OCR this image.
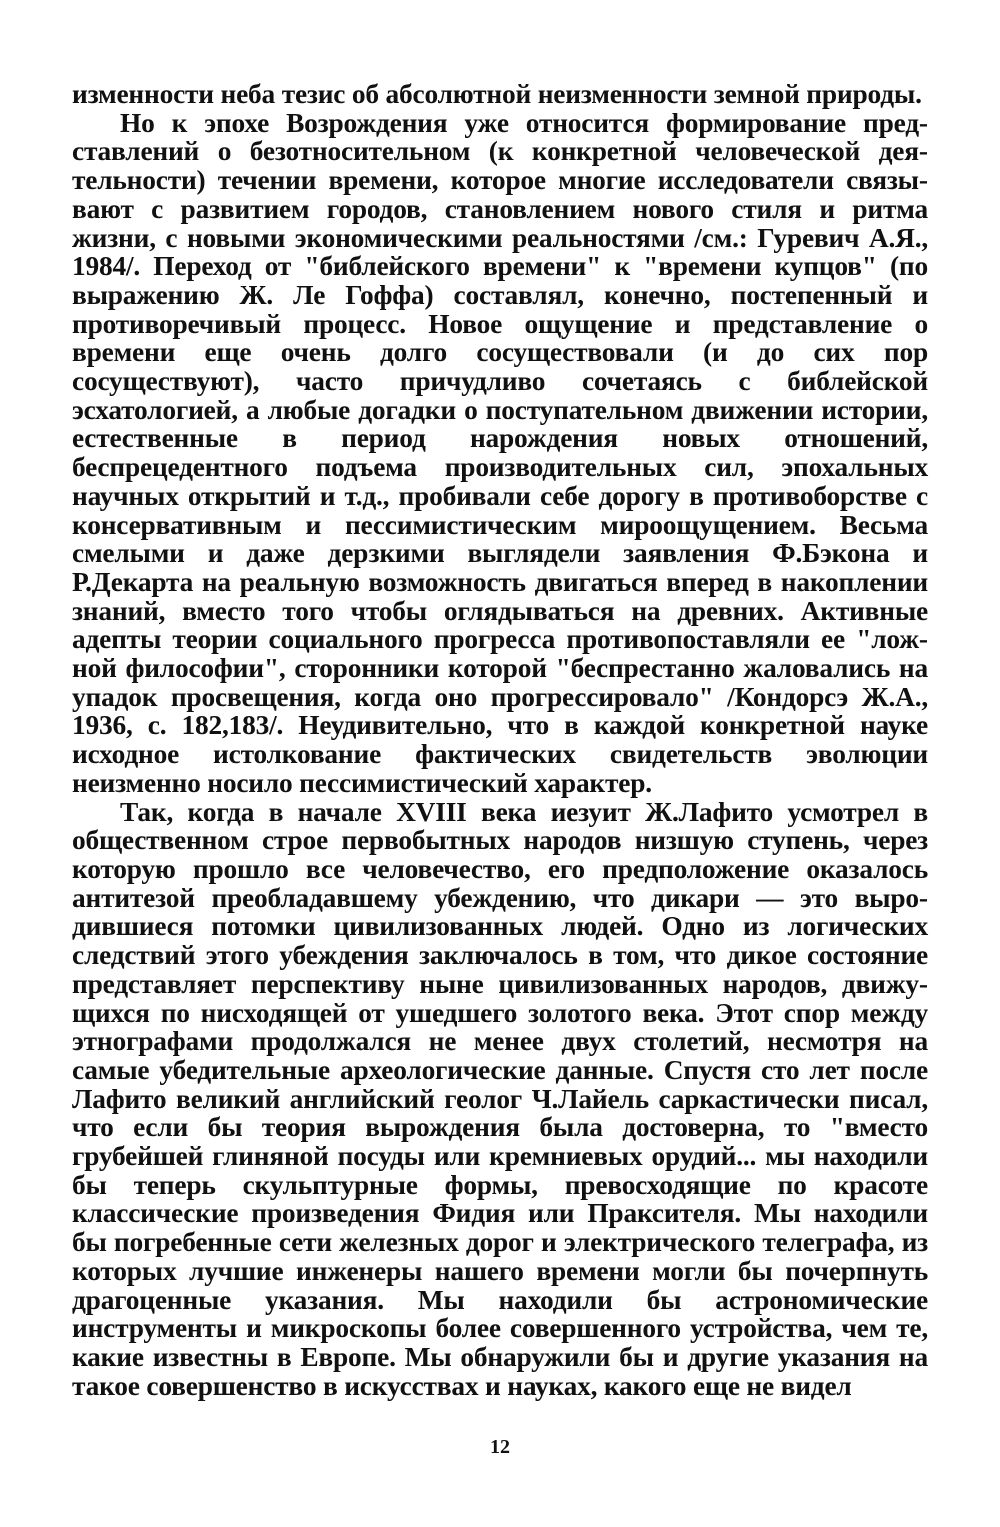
изменности неба тезис об абсолютной неизменности земной природы.

Но к эпохе Возрождения уже относится формирование представлений о безотносительном (к конкретной человеческой деятельности) течении времени, которое многие исследователи связывают с развитием городов, становлением нового стиля и ритма жизни, с новыми экономическими реальностями /см.: Гуревич А.Я., 1984/. Переход от "библейского времени" к "времени купцов" (по выражению Ж. Ле Гоффа) составлял, конечно, постепенный и противоречивый процесс. Новое ощущение и представление о времени еще очень долго сосуществовали (и до сих пор сосуществуют), часто причудливо сочетаясь с библейской эсхатологией, а любые догадки о поступательном движении истории, естественные в период нарождения новых отношений, беспрецедентного подъема производительных сил, эпохальных научных открытий и т.д., пробивали себе дорогу в противоборстве с консервативным и пессимистическим мироощущением. Весьма смелыми и даже дерзкими выглядели заявления Ф.Бэкона и Р.Декарта на реальную возможность двигаться вперед в накоплении знаний, вместо того чтобы оглядываться на древних. Активные адепты теории социального прогресса противопоставляли ее "ложной философии", сторонники которой "беспрестанно жаловались на упадок просвещения, когда оно прогрессировало" /Кондорсэ Ж.А., 1936, с. 182,183/. Неудивительно, что в каждой конкретной науке исходное истолкование фактических свидетельств эволюции неизменно носило пессимистический характер.

Так, когда в начале XVIII века иезуит Ж.Лафито усмотрел в общественном строе первобытных народов низшую ступень, через которую прошло все человечество, его предположение оказалось антитезой преобладавшему убеждению, что дикари — это выродившиеся потомки цивилизованных людей. Одно из логических следствий этого убеждения заключалось в том, что дикое состояние представляет перспективу ныне цивилизованных народов, движущихся по нисходящей от ушедшего золотого века. Этот спор между этнографами продолжался не менее двух столетий, несмотря на самые убедительные археологические данные. Спустя сто лет после Лафито великий английский геолог Ч.Лайель саркастически писал, что если бы теория вырождения была достоверна, то "вместо грубейшей глиняной посуды или кремниевых орудий... мы находили бы теперь скульптурные формы, превосходящие по красоте классические произведения Фидия или Праксителя. Мы находили бы погребенные сети железных дорог и электрического телеграфа, из которых лучшие инженеры нашего времени могли бы почерпнуть драгоценные указания. Мы находили бы астрономические инструменты и микроскопы более совершенного устройства, чем те, какие известны в Европе. Мы обнаружили бы и другие указания на такое совершенство в искусствах и науках, какого еще не видел

12
